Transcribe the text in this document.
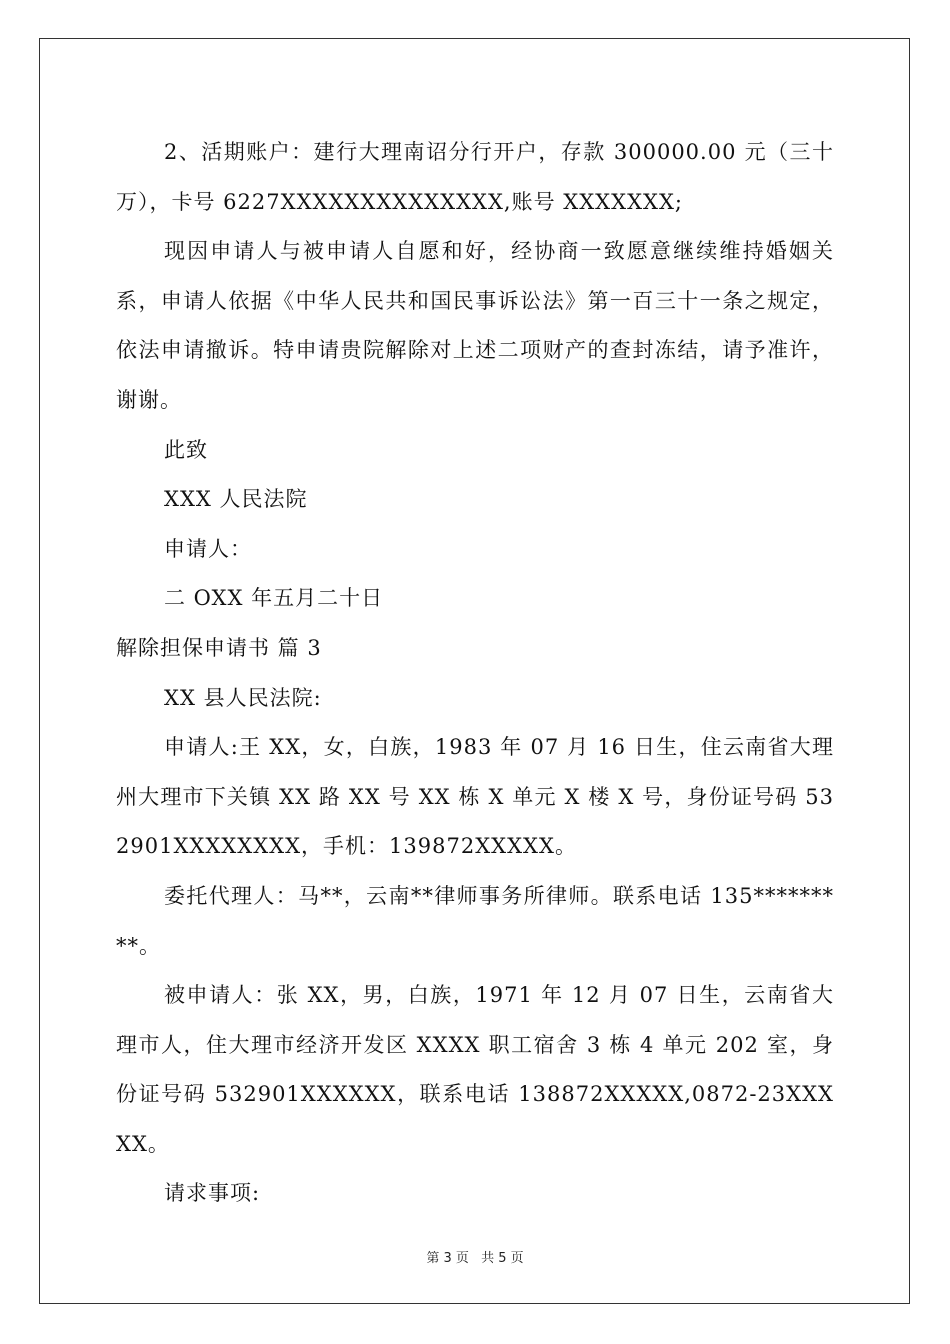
2、活期账户：建行大理南诏分行开户，存款 300000.00 元（三十万），卡号 6227XXXXXXXXXXXXXX,账号 XXXXXXX;

现因申请人与被申请人自愿和好，经协商一致愿意继续维持婚姻关系，申请人依据《中华人民共和国民事诉讼法》第一百三十一条之规定，依法申请撤诉。特申请贵院解除对上述二项财产的查封冻结，请予准许，谢谢。

此致

XXX 人民法院

申请人：

二 OXX 年五月二十日

解除担保申请书 篇 3

XX 县人民法院:

申请人:王 XX，女，白族，1983 年 07 月 16 日生，住云南省大理州大理市下关镇 XX 路 XX 号 XX 栋 X 单元 X 楼 X 号，身份证号码 532901XXXXXXXX，手机：139872XXXXX。

委托代理人：马**，云南**律师事务所律师。联系电话 135*********。

被申请人：张 XX，男，白族，1971 年 12 月 07 日生，云南省大理市人，住大理市经济开发区 XXXX 职工宿舍 3 栋 4 单元 202 室，身份证号码 532901XXXXXX，联系电话 138872XXXXX,0872-23XXXXX。

请求事项:

第 3 页 共 5 页
